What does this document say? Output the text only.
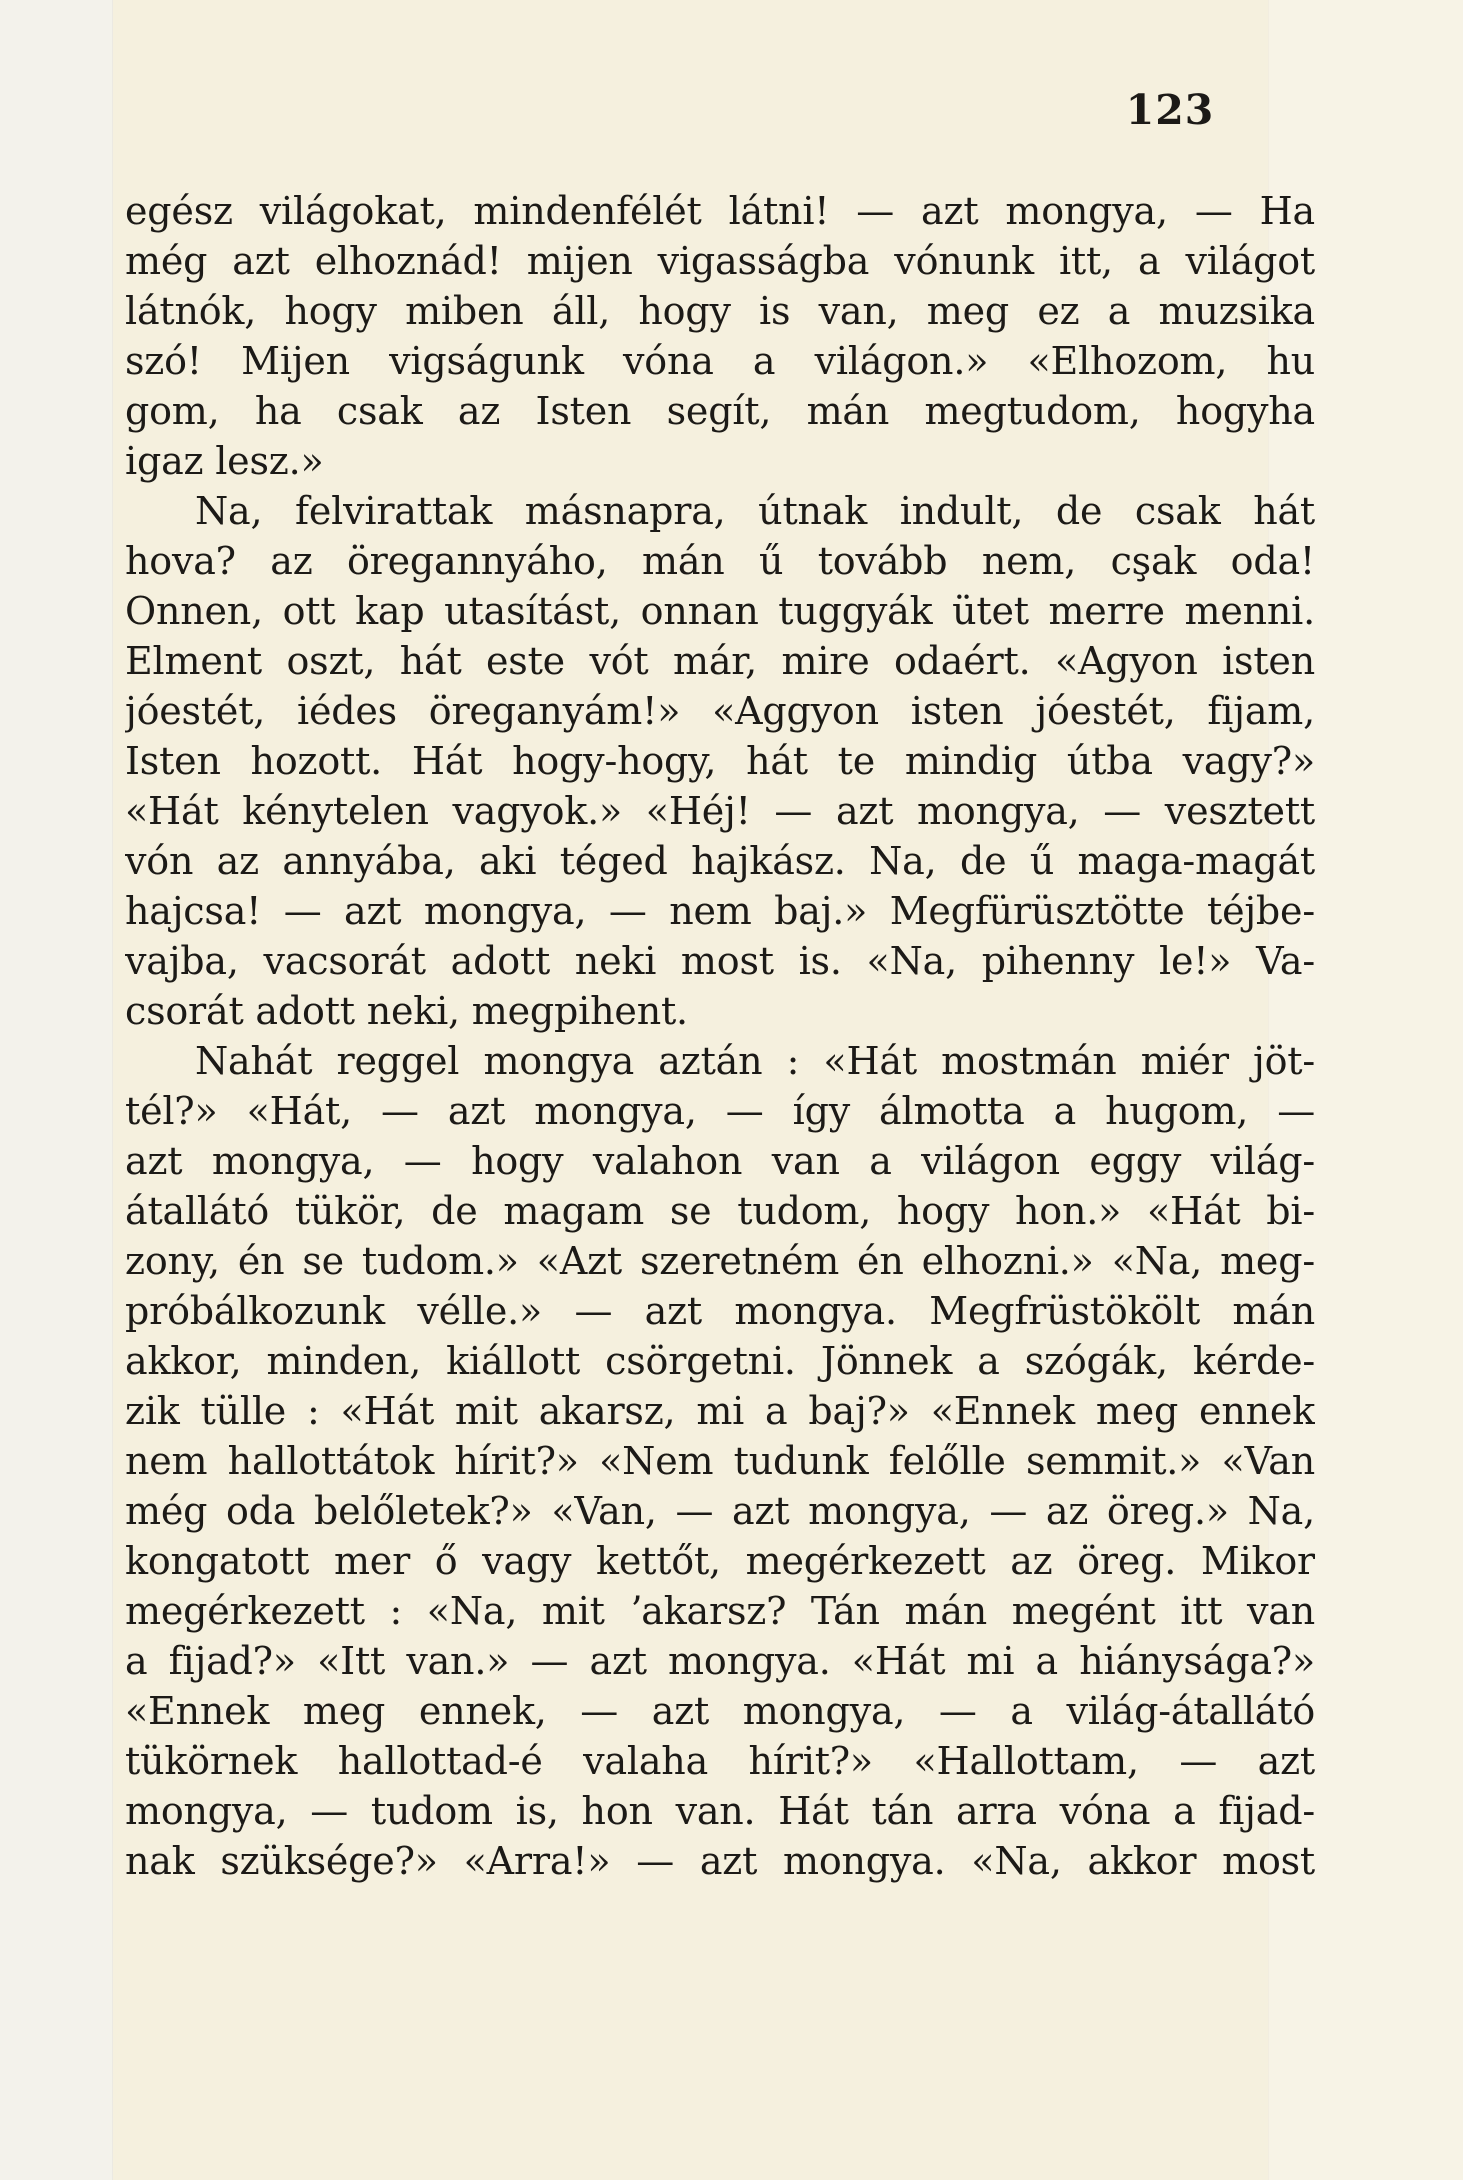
123
egész világokat, mindenfélét látni! — azt mongya, — Ha
még azt elhoznád! mijen vigasságba vónunk itt, a világot
látnók, hogy miben áll, hogy is van, meg ez a muzsika
szó! Mijen vigságunk vóna a világon.» «Elhozom, hu
gom, ha csak az Isten segít, mán megtudom, hogyha
igaz lesz.»
Na, felvirattak másnapra, útnak indult, de csak hát
hova? az öregannyáho, mán ű tovább nem, cşak oda!
Onnen, ott kap utasítást, onnan tuggyák ütet merre menni.
Elment oszt, hát este vót már, mire odaért. «Agyon isten
jóestét, iédes öreganyám!» «Aggyon isten jóestét, fijam,
Isten hozott. Hát hogy-hogy, hát te mindig útba vagy?»
«Hát kénytelen vagyok.» «Héj! — azt mongya, — vesztett
vón az annyába, aki téged hajkász. Na, de ű maga-magát
hajcsa! — azt mongya, — nem baj.» Megfürüsztötte téjbe-
vajba, vacsorát adott neki most is. «Na, pihenny le!» Va-
csorát adott neki, megpihent.
Nahát reggel mongya aztán : «Hát mostmán miér jöt-
tél?» «Hát, — azt mongya, — így álmotta a hugom, —
azt mongya, — hogy valahon van a világon eggy világ-
átallátó tükör, de magam se tudom, hogy hon.» «Hát bi-
zony, én se tudom.» «Azt szeretném én elhozni.» «Na, meg-
próbálkozunk vélle.» — azt mongya. Megfrüstökölt mán
akkor, minden, kiállott csörgetni. Jönnek a szógák, kérde-
zik tülle : «Hát mit akarsz, mi a baj?» «Ennek meg ennek
nem hallottátok hírit?» «Nem tudunk felőlle semmit.» «Van
még oda belőletek?» «Van, — azt mongya, — az öreg.» Na,
kongatott mer ő vagy kettőt, megérkezett az öreg. Mikor
megérkezett : «Na, mit ʼakarsz? Tán mán megént itt van
a fijad?» «Itt van.» — azt mongya. «Hát mi a hiánysága?»
«Ennek meg ennek, — azt mongya, — a világ-átallátó
tükörnek hallottad-é valaha hírit?» «Hallottam, — azt
mongya, — tudom is, hon van. Hát tán arra vóna a fijad-
nak szüksége?» «Arra!» — azt mongya. «Na, akkor most
